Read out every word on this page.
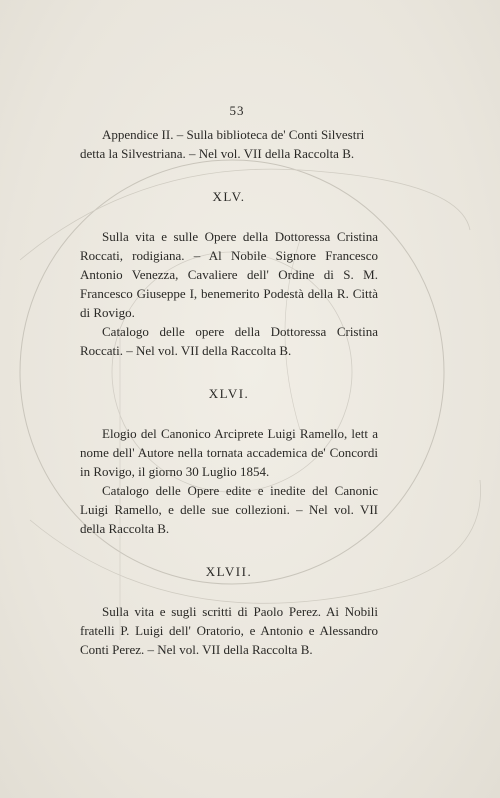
53

Appendice II. – Sulla biblioteca de' Conti Silvestri

detta la Silvestriana. – Nel vol. VII della Raccolta B.

XLV.

Sulla vita e sulle Opere della Dottoressa Cristina Roccati, rodigiana. – Al Nobile Signore Francesco Antonio Venezza, Cavaliere dell' Ordine di S. M. Francesco Giuseppe I, benemerito Podestà della R. Città di Rovigo.

Catalogo delle opere della Dottoressa Cristina Roccati. – Nel vol. VII della Raccolta B.

XLVI.

Elogio del Canonico Arciprete Luigi Ramello, lett a nome dell' Autore nella tornata accademica de' Concordi in Rovigo, il giorno 30 Luglio 1854.

Catalogo delle Opere edite e inedite del Canonic Luigi Ramello, e delle sue collezioni. – Nel vol. VII della Raccolta B.

XLVII.

Sulla vita e sugli scritti di Paolo Perez. Ai Nobili fratelli P. Luigi dell' Oratorio, e Antonio e Alessandro Conti Perez. – Nel vol. VII della Raccolta B.
